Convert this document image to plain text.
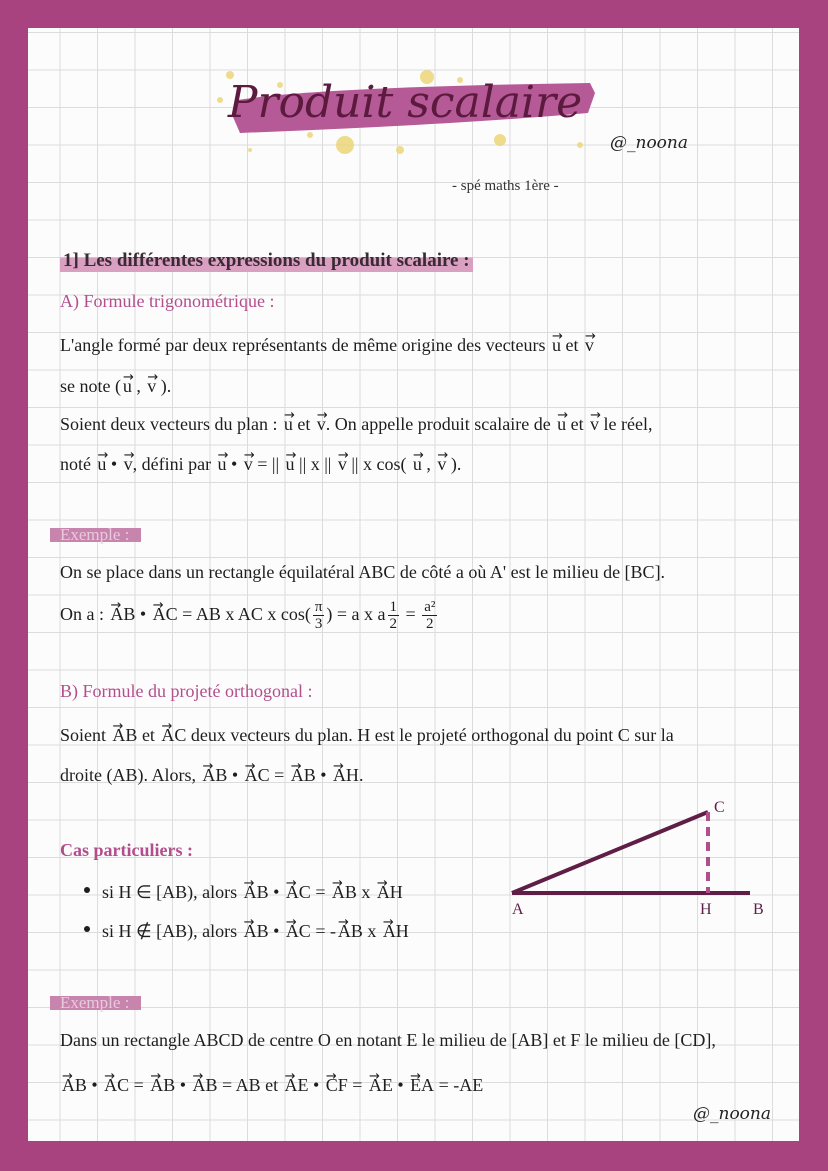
Produit scalaire
@_noona
- spé maths 1ère -
1] Les différentes expressions du produit scalaire :
A) Formule trigonométrique :
L'angle formé par deux représentants de même origine des vecteurs →u et →v
se note ( →u , →v ).
Soient deux vecteurs du plan : →u et →v. On appelle produit scalaire de →u et →v le réel,
noté →u • →v, défini par →u • →v = || →u || x || →v || x cos( →u , →v ).
Exemple :
On se place dans un rectangle équilatéral ABC de côté a où A' est le milieu de [BC].
On a : →AB • →AC = AB x AC x $\cos( \frac{\pi}{3}$ ) = a x a $\frac{1}{2} = \frac{\text{a²}}{2}$
B) Formule du projeté orthogonal :
Soient →AB et →AC deux vecteurs du plan. H est le projeté orthogonal du point C sur la
droite (AB). Alors, →AB • →AC = →AB • →AH.
Cas particuliers :
si H ∈ [AB), alors →AB • →AC = →AB x →AH
si H ∉ [AB), alors →AB • →AC = - →AB x →AH
A	B
C
H
Exemple :
Dans un rectangle ABCD de centre O en notant E le milieu de [AB] et F le milieu de [CD],
→AB • →AC = →AB • →AB = AB et →AE • →CF = →AE • →EA = -AE
@_noona
